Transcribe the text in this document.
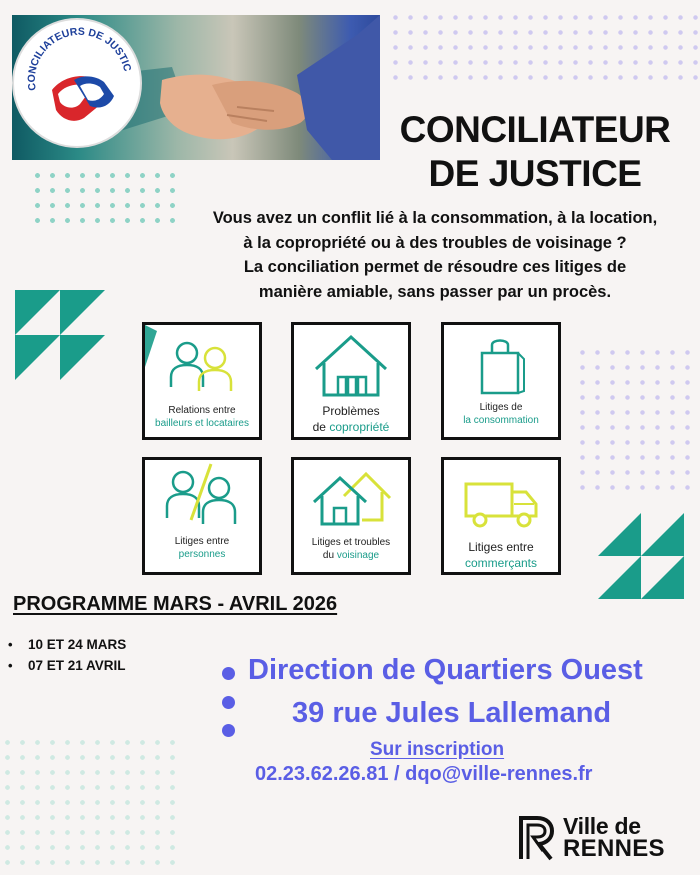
CONCILIATEURS DE JUSTIC
CONCILIATEUR
DE JUSTICE
Vous avez un conflit lié à la consommation, à la location,
à la copropriété ou à des troubles de voisinage ?
La conciliation permet de résoudre ces litiges de
manière amiable, sans passer par un procès.
Relations entre
bailleurs et locataires
Problèmes
de copropriété
Litiges de
la consommation
Litiges entre
personnes
Litiges et troubles
du voisinage
Litiges entre
commerçants
PROGRAMME MARS - AVRIL 2026
• 10 ET 24 MARS
• 07 ET 21 AVRIL	Direction de Quartiers Ouest
39 rue Jules Lallemand
Sur inscription
02.23.62.26.81 / dqo@ville-rennes.fr
Ville de
RENNES
